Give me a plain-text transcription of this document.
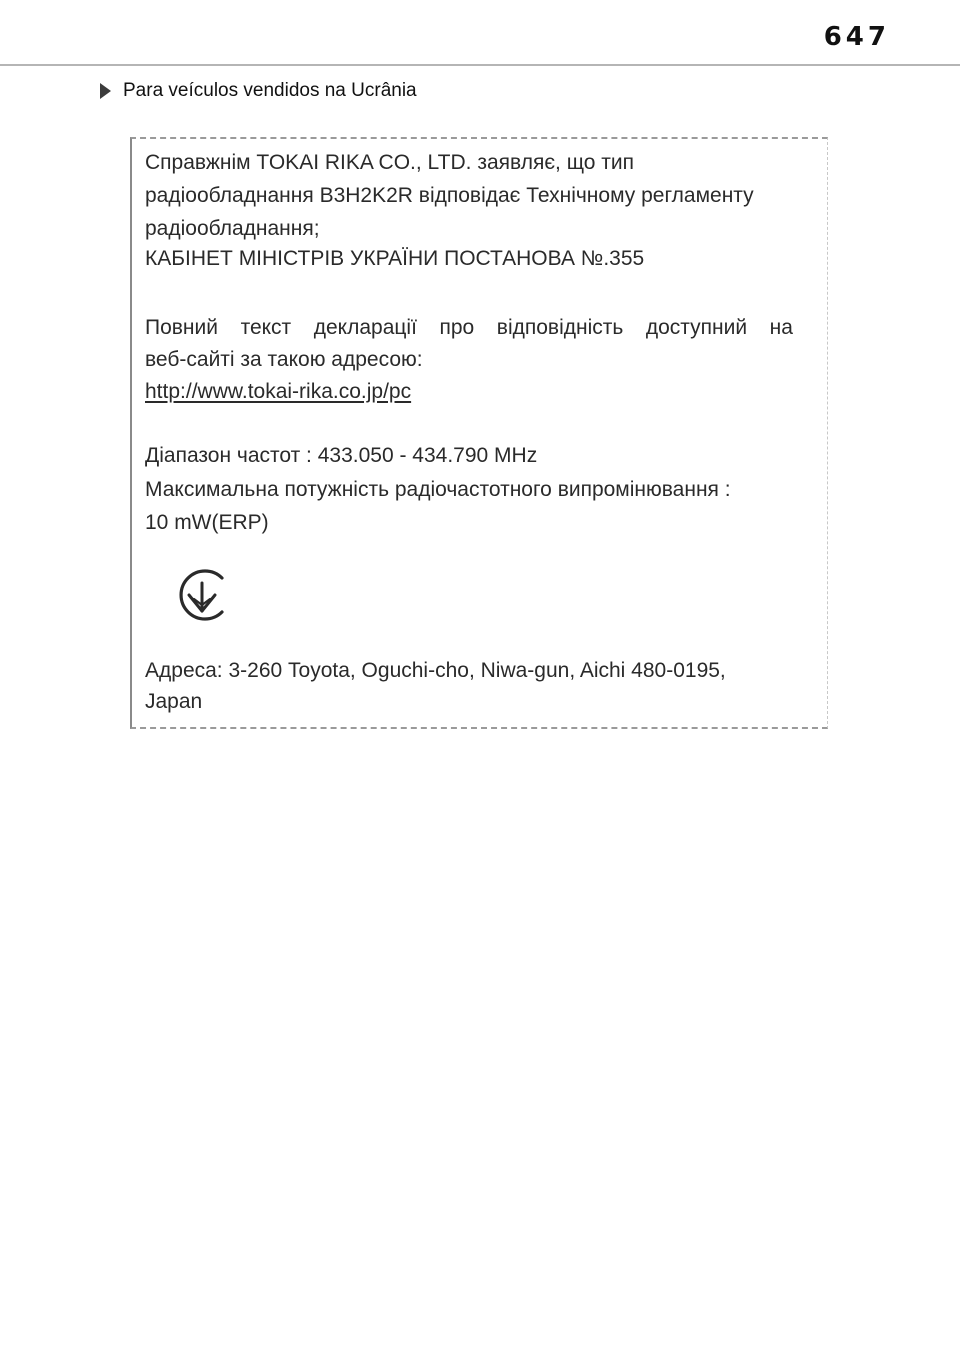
647
Para veículos vendidos na Ucrânia
Справжнім TOKAI RIKA CO., LTD. заявляє, що тип
радіообладнання B3H2K2R відповідає Технічному регламенту
радіообладнання;
КАБІНЕТ МІНІСТРІВ УКРАЇНИ ПОСТАНОВА №.355
Повний текст декларації про відповідність доступний на
веб-сайті за такою адресою:
http://www.tokai-rika.co.jp/pc
Діапазон частот : 433.050 - 434.790 MHz
Максимальна потужність радіочастотного випромінювання :
10 mW(ERP)
Адреса: 3-260 Toyota, Oguchi-cho, Niwa-gun, Aichi 480-0195,
Japan
